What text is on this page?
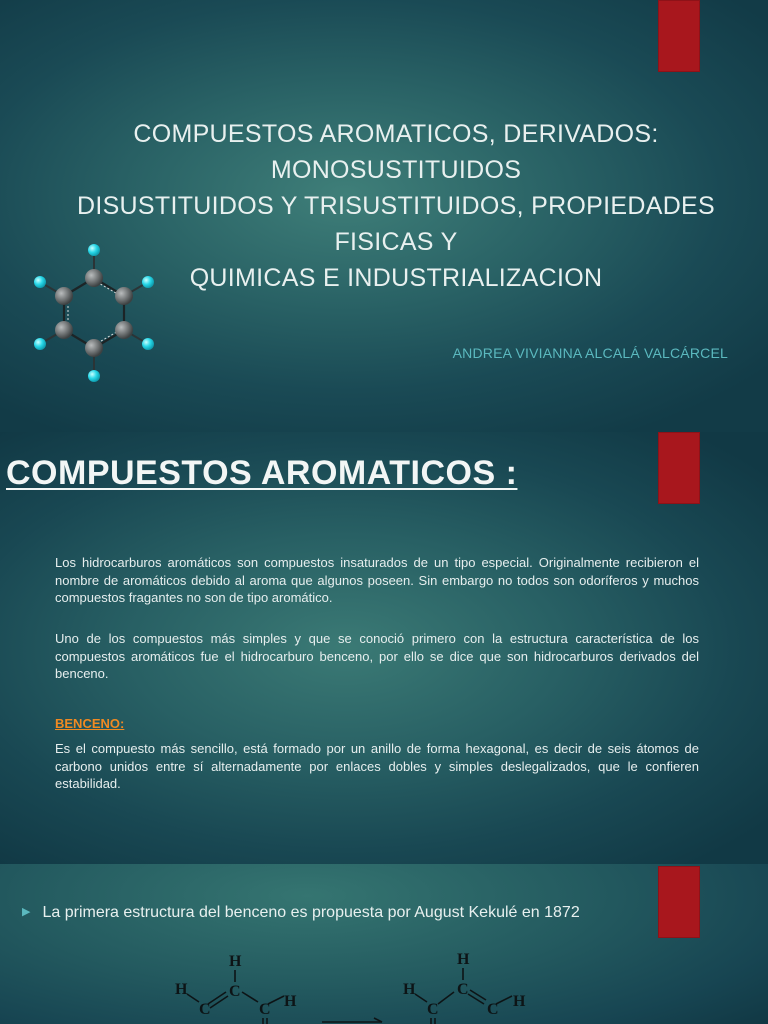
COMPUESTOS AROMATICOS, DERIVADOS:
MONOSUSTITUIDOS
DISUSTITUIDOS Y TRISUSTITUIDOS, PROPIEDADES
FISICAS Y
QUIMICAS E INDUSTRIALIZACION
ANDREA VIVIANNA ALCALÁ VALCÁRCEL
COMPUESTOS AROMATICOS :
Los hidrocarburos aromáticos son compuestos insaturados de un tipo especial. Originalmente recibieron el nombre de aromáticos debido al aroma que algunos poseen. Sin embargo no todos son odoríferos y muchos compuestos fragantes no son de tipo aromático.
Uno de los compuestos más simples y que se conoció primero con la estructura característica de los compuestos aromáticos fue el hidrocarburo benceno, por ello se dice que son hidrocarburos derivados del benceno.
BENCENO:
Es el compuesto más sencillo, está formado por un anillo de forma hexagonal, es decir de seis átomos de carbono unidos entre sí alternadamente por enlaces dobles y simples deslegalizados, que le confieren estabilidad.
▶ La primera estructura del benceno es propuesta por August Kekulé en 1872
H
H
H
C
C	C
H
H
H
C
C	C
